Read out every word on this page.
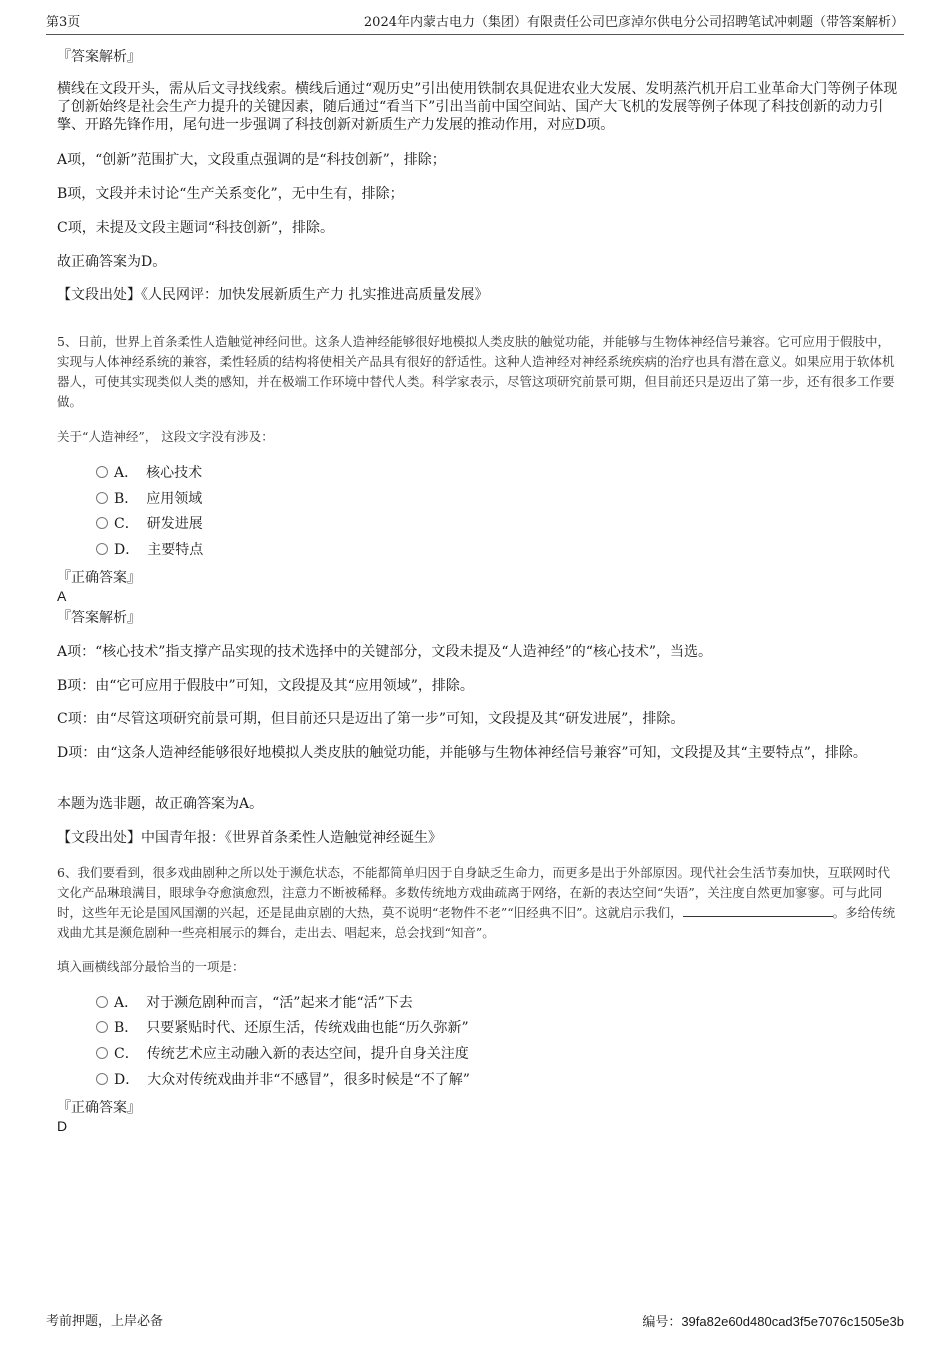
第3页	2024年内蒙古电力（集团）有限责任公司巴彦淖尔供电分公司招聘笔试冲刺题（带答案解析）
『答案解析』
横线在文段开头，需从后文寻找线索。横线后通过“观历史”引出使用铁制农具促进农业大发展、发明蒸汽机开启工业革命大门等例子体现了创新始终是社会生产力提升的关键因素，随后通过“看当下”引出当前中国空间站、国产大飞机的发展等例子体现了科技创新的动力引擎、开路先锋作用，尾句进一步强调了科技创新对新质生产力发展的推动作用，对应D项。
A项，“创新”范围扩大，文段重点强调的是“科技创新”，排除；
B项，文段并未讨论“生产关系变化”，无中生有，排除；
C项，未提及文段主题词“科技创新”，排除。
故正确答案为D。
【文段出处】《人民网评：加快发展新质生产力 扎实推进高质量发展》
5、日前，世界上首条柔性人造触觉神经问世。这条人造神经能够很好地模拟人类皮肤的触觉功能，并能够与生物体神经信号兼容。它可应用于假肢中，实现与人体神经系统的兼容，柔性轻质的结构将使相关产品具有很好的舒适性。这种人造神经对神经系统疾病的治疗也具有潜在意义。如果应用于软体机器人，可使其实现类似人类的感知，并在极端工作环境中替代人类。科学家表示，尽管这项研究前景可期，但目前还只是迈出了第一步，还有很多工作要做。
关于“人造神经”， 这段文字没有涉及：
A． 核心技术
B． 应用领域
C． 研发进展
D． 主要特点
『正确答案』
A
『答案解析』
A项：“核心技术”指支撑产品实现的技术选择中的关键部分，文段未提及“人造神经”的“核心技术”，当选。
B项：由“它可应用于假肢中”可知，文段提及其“应用领域”，排除。
C项：由“尽管这项研究前景可期，但目前还只是迈出了第一步”可知，文段提及其“研发进展”，排除。
D项：由“这条人造神经能够很好地模拟人类皮肤的触觉功能，并能够与生物体神经信号兼容”可知，文段提及其“主要特点”，排除。
本题为选非题，故正确答案为A。
【文段出处】中国青年报：《世界首条柔性人造触觉神经诞生》
6、我们要看到，很多戏曲剧种之所以处于濒危状态，不能都简单归因于自身缺乏生命力，而更多是出于外部原因。现代社会生活节奏加快，互联网时代文化产品琳琅满目，眼球争夺愈演愈烈，注意力不断被稀释。多数传统地方戏曲疏离于网络，在新的表达空间“失语”，关注度自然更加寥寥。可与此同时，这些年无论是国风国潮的兴起，还是昆曲京剧的大热，莫不说明“老物件不老”“旧经典不旧”。这就启示我们，	。多给传统戏曲尤其是濒危剧种一些亮相展示的舞台，走出去、唱起来，总会找到“知音”。
填入画横线部分最恰当的一项是：
A． 对于濒危剧种而言，“活”起来才能“活”下去
B． 只要紧贴时代、还原生活，传统戏曲也能“历久弥新”
C． 传统艺术应主动融入新的表达空间，提升自身关注度
D． 大众对传统戏曲并非“不感冒”，很多时候是“不了解”
『正确答案』
D
考前押题，上岸必备	编号：39fa82e60d480cad3f5e7076c1505e3b
